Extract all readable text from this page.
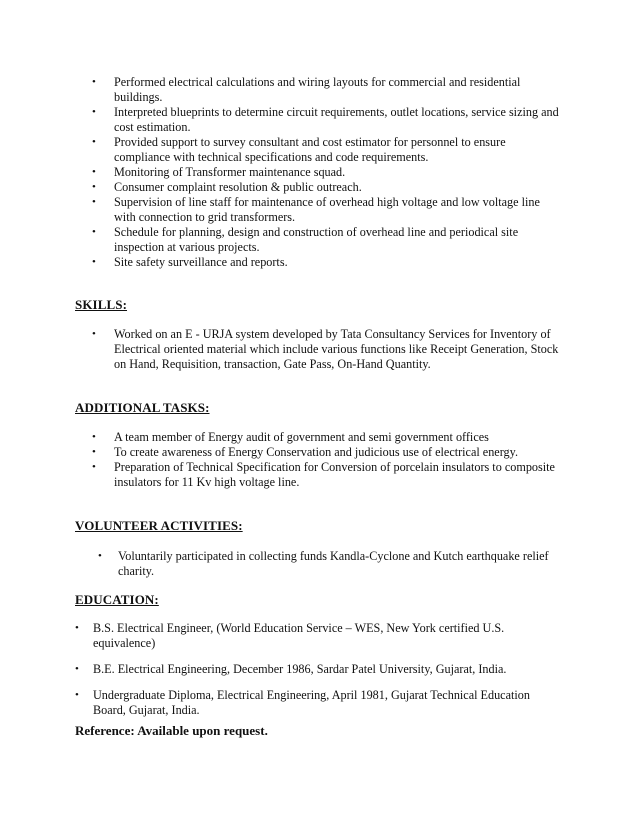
• Performed electrical calculations and wiring layouts for commercial and residential buildings.
• Interpreted blueprints to determine circuit requirements, outlet locations, service sizing and cost estimation.
• Provided support to survey consultant and cost estimator for personnel to ensure compliance with technical specifications and code requirements.
• Monitoring of Transformer maintenance squad.
• Consumer complaint resolution & public outreach.
• Supervision of line staff for maintenance of overhead high voltage and low voltage line with connection to grid transformers.
• Schedule for planning, design and construction of overhead line and periodical site inspection at various projects.
• Site safety surveillance and reports.
SKILLS:
• Worked on an E - URJA system developed by Tata Consultancy Services for Inventory of Electrical oriented material which include various functions like Receipt Generation, Stock on Hand, Requisition, transaction, Gate Pass, On-Hand Quantity.
ADDITIONAL TASKS:
• A team member of Energy audit of government and semi government offices
• To create awareness of Energy Conservation and judicious use of electrical energy.
• Preparation of Technical Specification for Conversion of porcelain insulators to composite insulators for 11 Kv high voltage line.
VOLUNTEER ACTIVITIES:
• Voluntarily participated in collecting funds Kandla-Cyclone and Kutch earthquake relief charity.
EDUCATION:
• B.S. Electrical Engineer, (World Education Service – WES, New York certified U.S. equivalence)
• B.E. Electrical Engineering, December 1986, Sardar Patel University, Gujarat, India.
• Undergraduate Diploma, Electrical Engineering, April 1981, Gujarat Technical Education Board, Gujarat, India.
Reference: Available upon request.
